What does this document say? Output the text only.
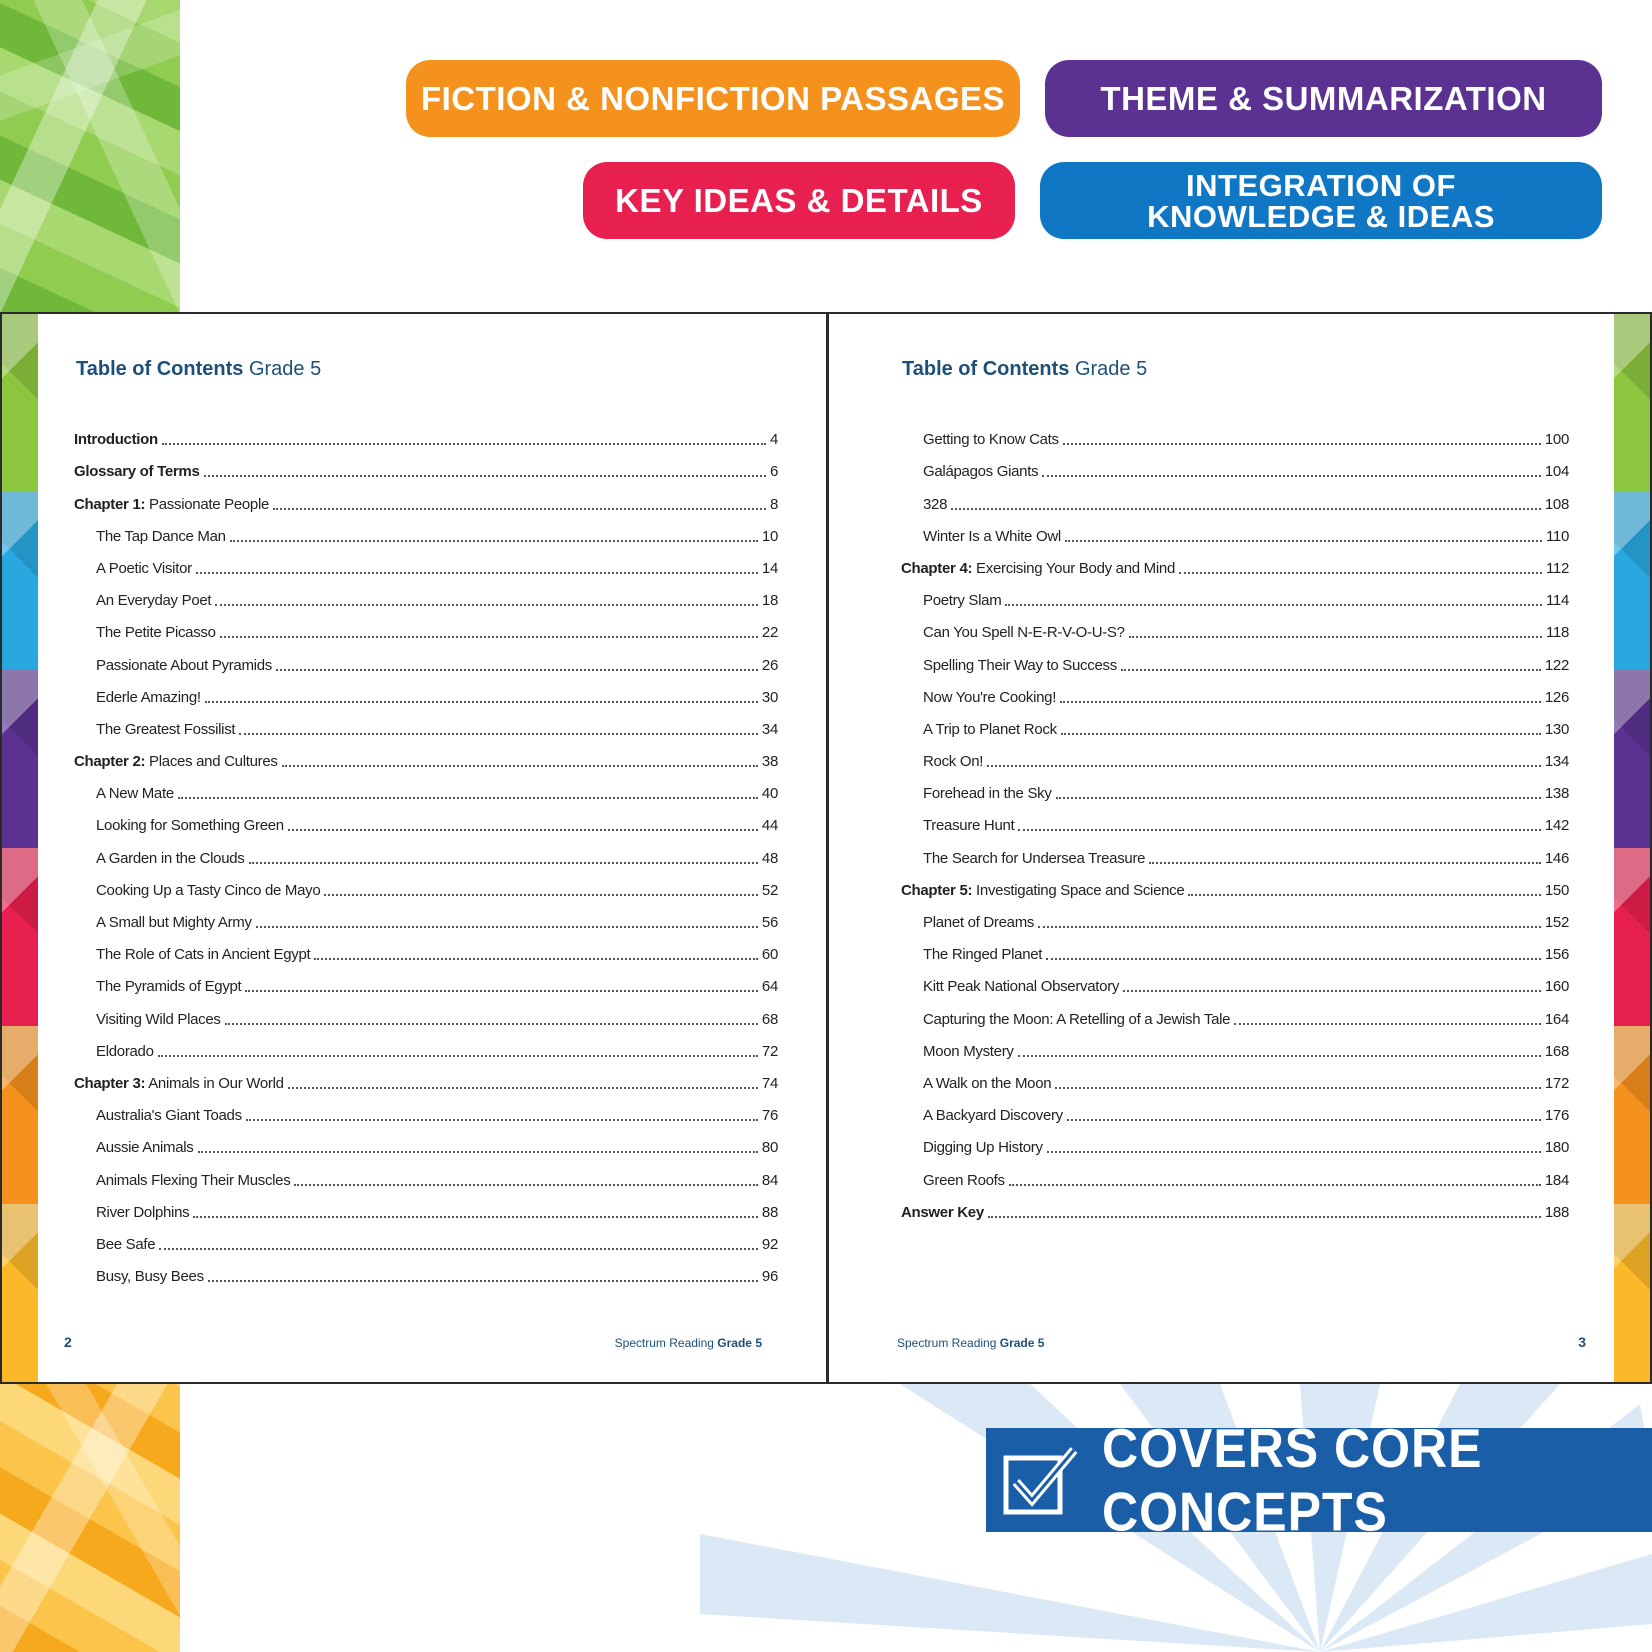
FICTION & NONFICTION PASSAGES	THEME & SUMMARIZATION
KEY IDEAS & DETAILS	INTEGRATION OF
KNOWLEDGE & IDEAS
Table of Contents Grade 5
Introduction	4
Glossary of Terms	6
Chapter 1: Passionate People	8
The Tap Dance Man	10
A Poetic Visitor	14
An Everyday Poet	18
The Petite Picasso	22
Passionate About Pyramids	26
Ederle Amazing!	30
The Greatest Fossilist	34
Chapter 2: Places and Cultures	38
A New Mate	40
Looking for Something Green	44
A Garden in the Clouds	48
Cooking Up a Tasty Cinco de Mayo	52
A Small but Mighty Army	56
The Role of Cats in Ancient Egypt	60
The Pyramids of Egypt	64
Visiting Wild Places	68
Eldorado	72
Chapter 3: Animals in Our World	74
Australia's Giant Toads	76
Aussie Animals	80
Animals Flexing Their Muscles	84
River Dolphins	88
Bee Safe	92
Busy, Busy Bees	96
2	Spectrum Reading Grade 5
Table of Contents Grade 5
Getting to Know Cats	100
Galápagos Giants	104
328	108
Winter Is a White Owl	110
Chapter 4: Exercising Your Body and Mind	112
Poetry Slam	114
Can You Spell N-E-R-V-O-U-S?	118
Spelling Their Way to Success	122
Now You're Cooking!	126
A Trip to Planet Rock	130
Rock On!	134
Forehead in the Sky	138
Treasure Hunt	142
The Search for Undersea Treasure	146
Chapter 5: Investigating Space and Science	150
Planet of Dreams	152
The Ringed Planet	156
Kitt Peak National Observatory	160
Capturing the Moon: A Retelling of a Jewish Tale	164
Moon Mystery	168
A Walk on the Moon	172
A Backyard Discovery	176
Digging Up History	180
Green Roofs	184
Answer Key	188
3
Spectrum Reading Grade 5
COVERS CORE CONCEPTS
